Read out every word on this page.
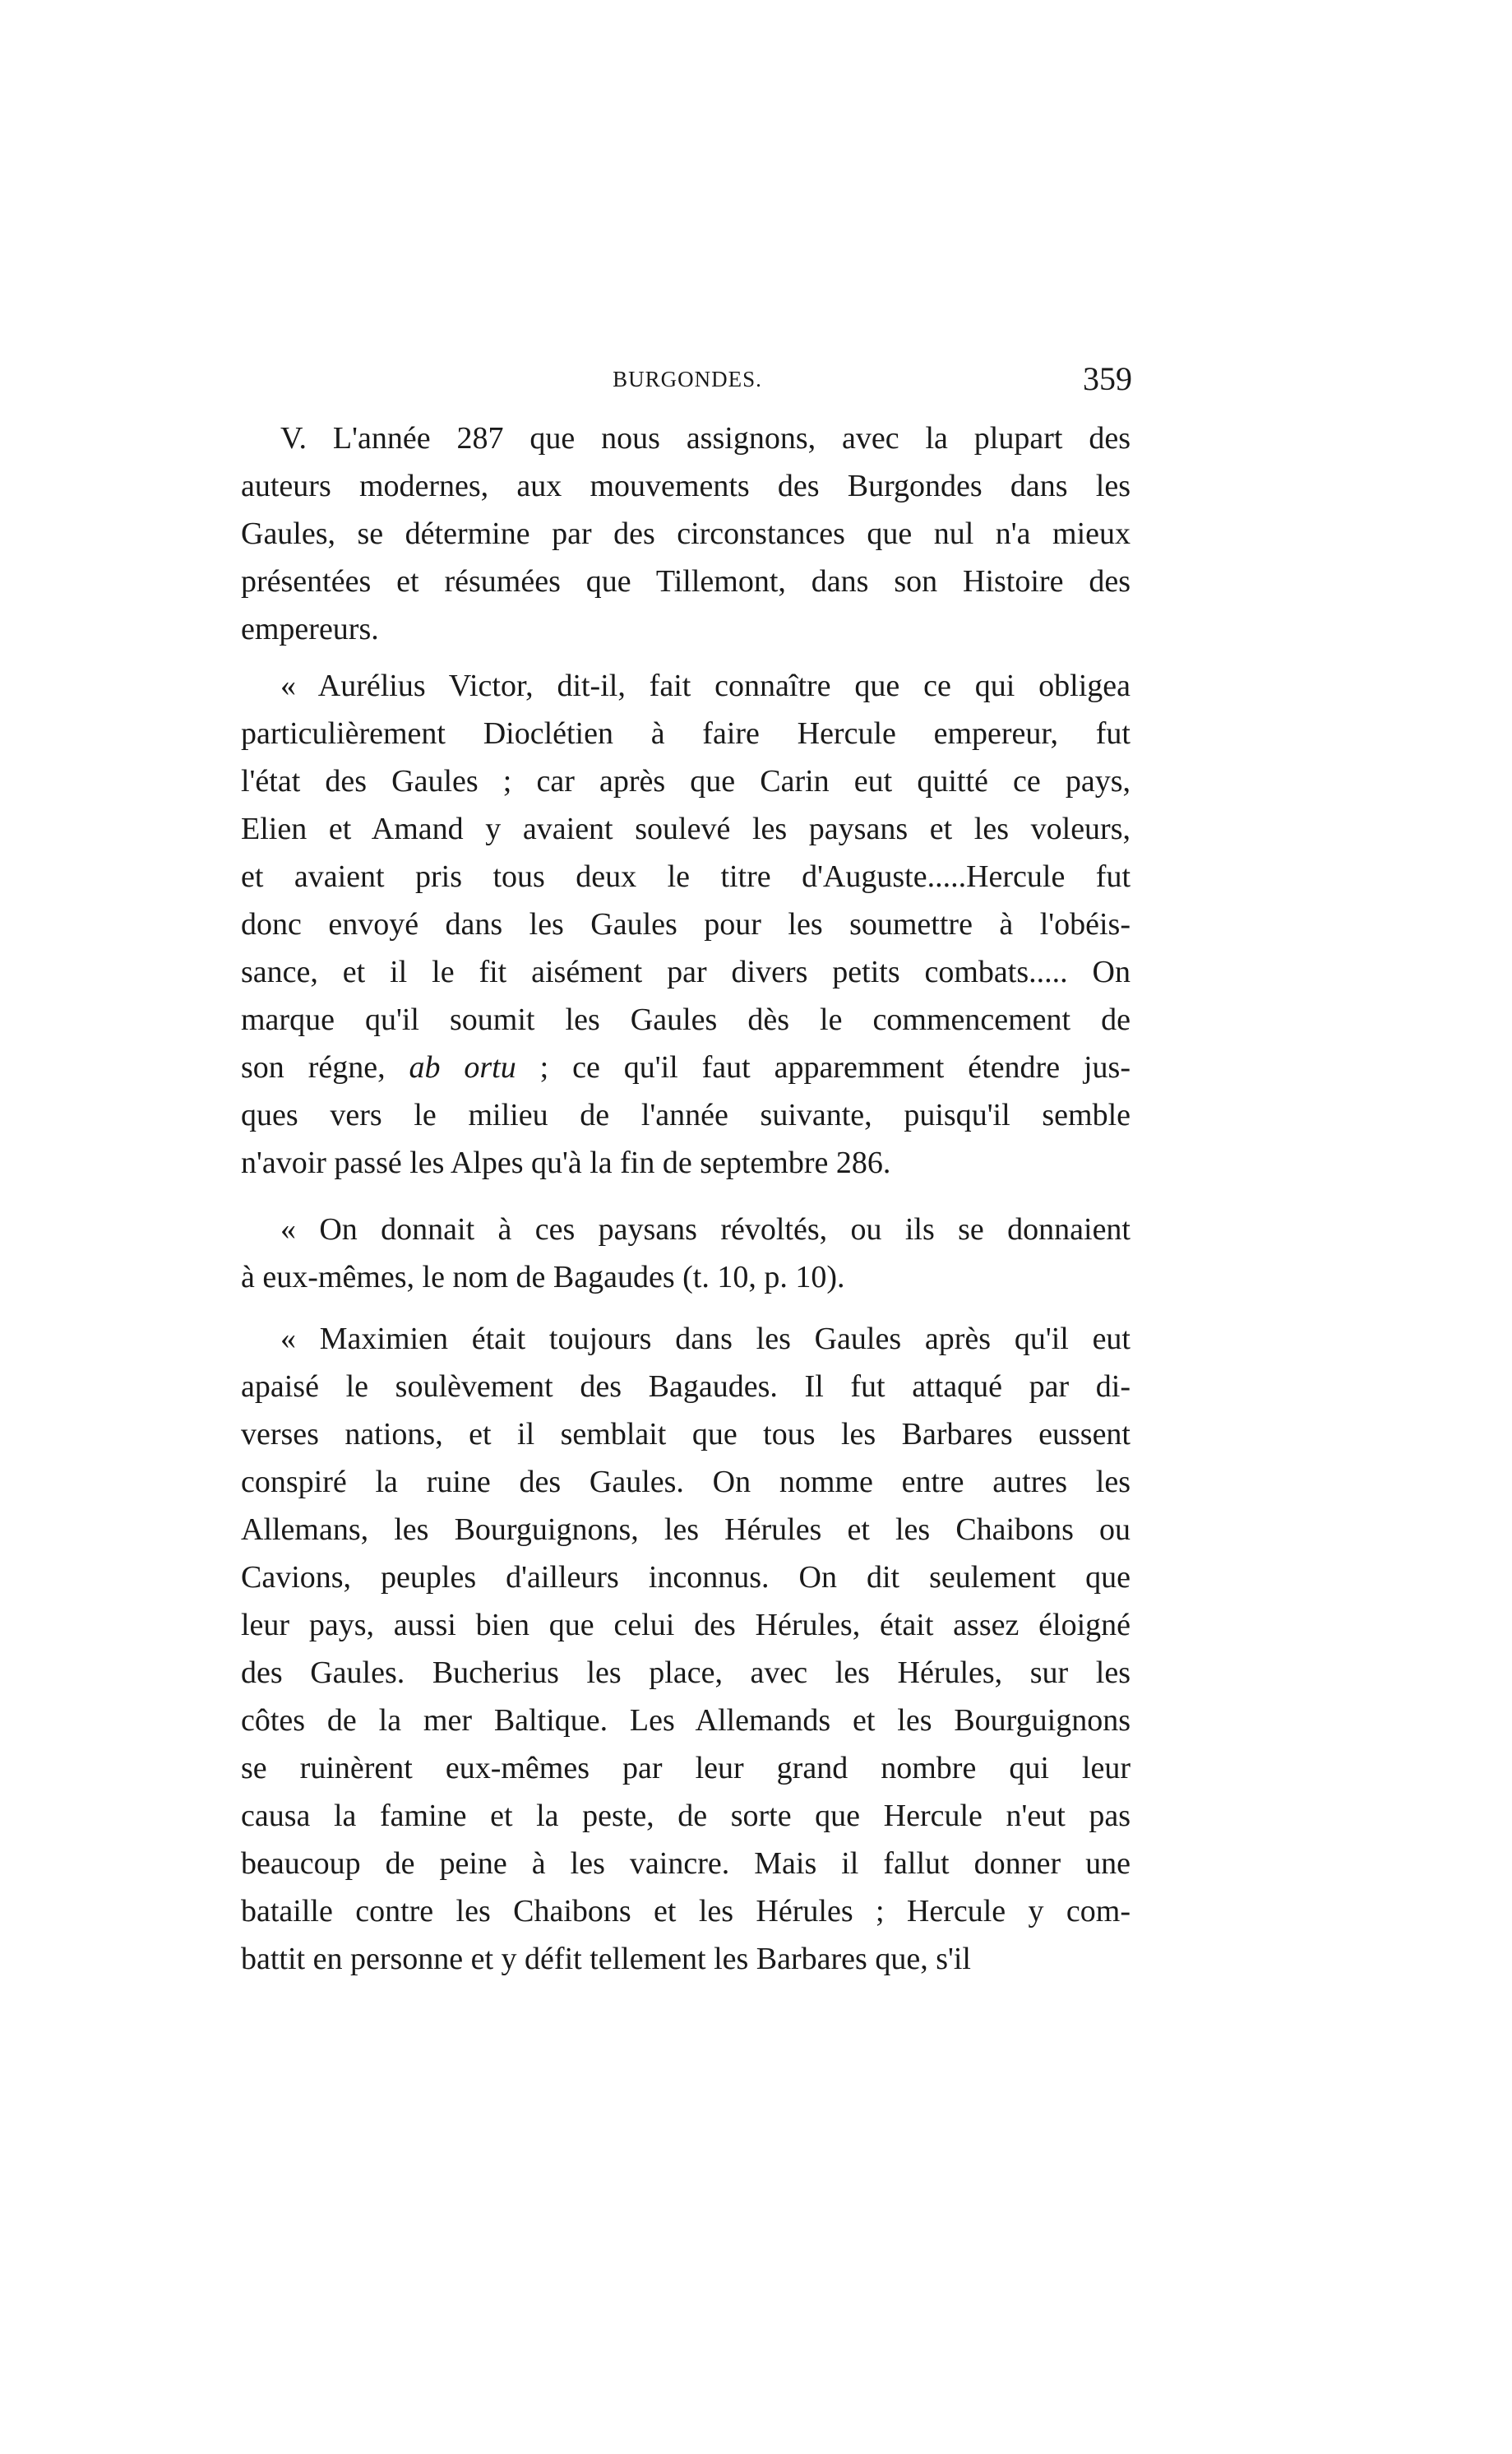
BURGONDES.	359
V. L'année 287 que nous assignons, avec la plupart des
auteurs modernes, aux mouvements des Burgondes dans les
Gaules, se détermine par des circonstances que nul n'a mieux
présentées et résumées que Tillemont, dans son Histoire des
empereurs.
« Aurélius Victor, dit-il, fait connaître que ce qui obligea
particulièrement Dioclétien à faire Hercule empereur, fut
l'état des Gaules ; car après que Carin eut quitté ce pays,
Elien et Amand y avaient soulevé les paysans et les voleurs,
et avaient pris tous deux le titre d'Auguste.....Hercule fut
donc envoyé dans les Gaules pour les soumettre à l'obéis-
sance, et il le fit aisément par divers petits combats..... On
marque qu'il soumit les Gaules dès le commencement de
son régne, ab ortu ; ce qu'il faut apparemment étendre jus-
ques vers le milieu de l'année suivante, puisqu'il semble
n'avoir passé les Alpes qu'à la fin de septembre 286.
« On donnait à ces paysans révoltés, ou ils se donnaient
à eux-mêmes, le nom de Bagaudes (t. 10, p. 10).
« Maximien était toujours dans les Gaules après qu'il eut
apaisé le soulèvement des Bagaudes. Il fut attaqué par di-
verses nations, et il semblait que tous les Barbares eussent
conspiré la ruine des Gaules. On nomme entre autres les
Allemans, les Bourguignons, les Hérules et les Chaibons ou
Cavions, peuples d'ailleurs inconnus. On dit seulement que
leur pays, aussi bien que celui des Hérules, était assez éloigné
des Gaules. Bucherius les place, avec les Hérules, sur les
côtes de la mer Baltique. Les Allemands et les Bourguignons
se ruinèrent eux-mêmes par leur grand nombre qui leur
causa la famine et la peste, de sorte que Hercule n'eut pas
beaucoup de peine à les vaincre. Mais il fallut donner une
bataille contre les Chaibons et les Hérules ; Hercule y com-
battit en personne et y défit tellement les Barbares que, s'il
